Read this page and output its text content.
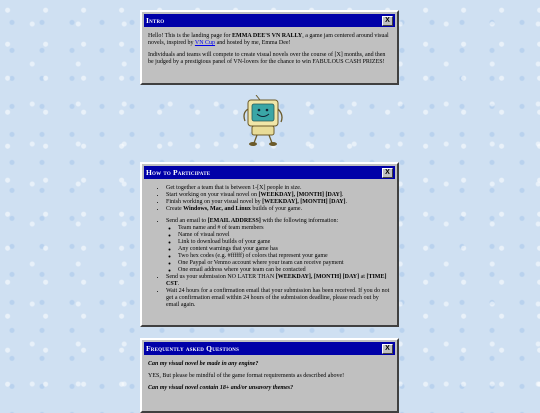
Intro	X

Hello! This is the landing page for EMMA DEE'S VN RALLY, a game jam centered around visual novels, inspired by VN Cup and hosted by me, Emma Dee!

Individuals and teams will compete to create visual novels over the course of [X] months, and then be judged by a prestigious panel of VN-lovers for the chance to win FABULOUS CASH PRIZES!

How to Participate	X
• Get together a team that is between 1-[X] people in size.
• Start working on your visual novel on [WEEKDAY], [MONTH] [DAY].
• Finish working on your visual novel by [WEEKDAY], [MONTH] [DAY].
• Create Windows, Mac, and Linux builds of your game.
• Send an email to [EMAIL ADDRESS] with the following information:
◦ Team name and # of team members
◦ Name of visual novel
◦ Link to download builds of your game
◦ Any content warnings that your game has
◦ Two hex codes (e.g. #ffffff) of colors that represent your game
◦ One Paypal or Venmo account where your team can receive payment
◦ One email address where your team can be contacted
• Send us your submission NO LATER THAN [WEEKDAY], [MONTH] [DAY] at [TIME] CST.
• Wait 24 hours for a confirmation email that your submission has been received. If you do not get a confirmation email within 24 hours of the submission deadline, please reach out by email again.
Frequently asked Questions	X

Can my visual novel be made in any engine?

YES, But please be mindful of the game format requirements as described above!

Can my visual novel contain 18+ and/or unsavory themes?
